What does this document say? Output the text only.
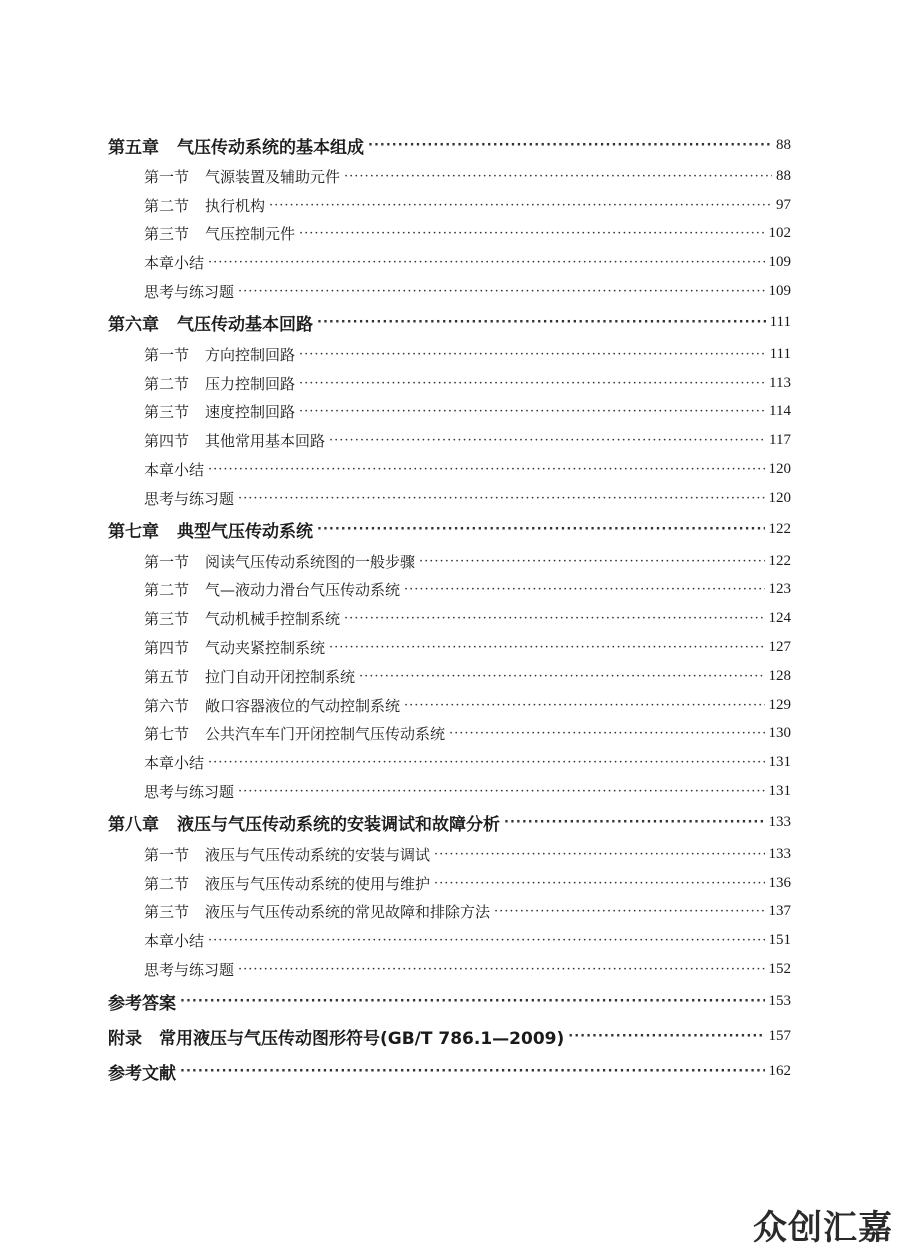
第五章 气压传动系统的基本组成 ·····	88
第一节 气源装置及辅助元件 ·····	88
第二节 执行机构 ·····	97
第三节 气压控制元件 ·····	102
本章小结 ·····	109
思考与练习题 ·····	109
第六章 气压传动基本回路 ·····	111
第一节 方向控制回路 ·····	111
第二节 压力控制回路 ·····	113
第三节 速度控制回路 ·····	114
第四节 其他常用基本回路 ·····	117
本章小结 ·····	120
思考与练习题 ·····	120
第七章 典型气压传动系统 ·····	122
第一节 阅读气压传动系统图的一般步骤 ·····	122
第二节 气—液动力滑台气压传动系统 ·····	123
第三节 气动机械手控制系统 ·····	124
第四节 气动夹紧控制系统 ·····	127
第五节 拉门自动开闭控制系统 ·····	128
第六节 敞口容器液位的气动控制系统 ·····	129
第七节 公共汽车车门开闭控制气压传动系统 ·····	130
本章小结 ·····	131
思考与练习题 ·····	131
第八章 液压与气压传动系统的安装调试和故障分析 ·····	133
第一节 液压与气压传动系统的安装与调试 ·····	133
第二节 液压与气压传动系统的使用与维护 ·····	136
第三节 液压与气压传动系统的常见故障和排除方法 ·····	137
本章小结 ·····	151
思考与练习题 ·····	152
参考答案 ·····	153
附录　常用液压与气压传动图形符号(GB/T 786.1—2009) ·····	157
参考文献 ·····	162
众创汇嘉
